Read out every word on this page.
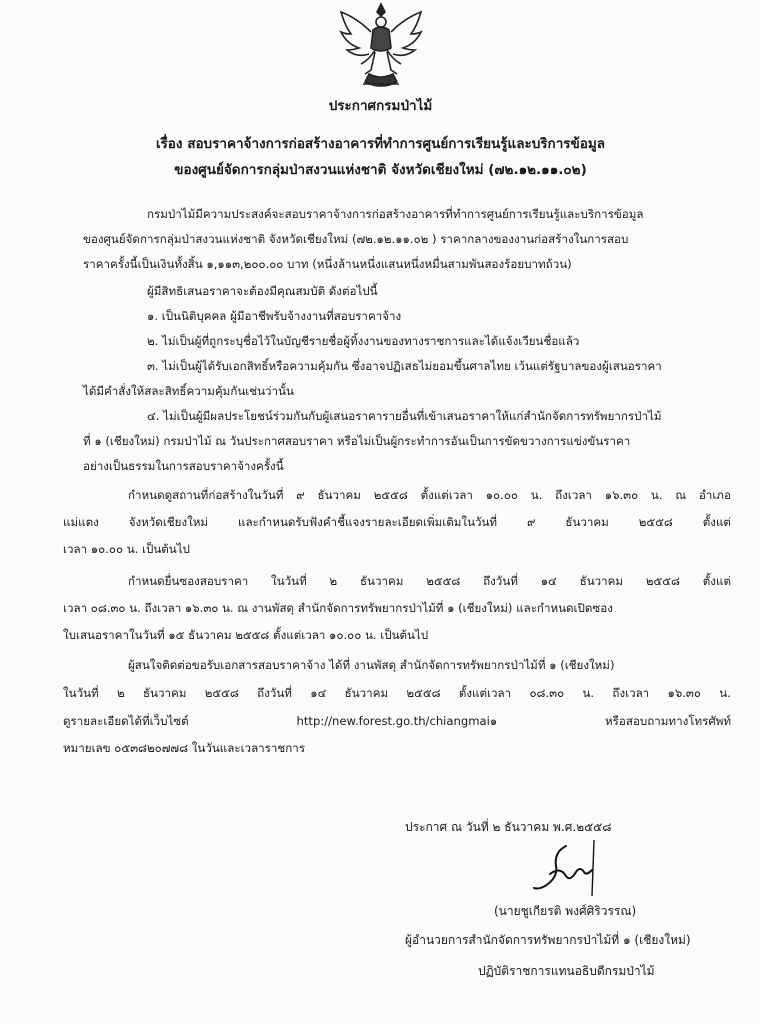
ประกาศกรมป่าไม้
เรื่อง สอบราคาจ้างการก่อสร้างอาคารที่ทำการศูนย์การเรียนรู้และบริการข้อมูล
ของศูนย์จัดการกลุ่มป่าสงวนแห่งชาติ จังหวัดเชียงใหม่ (๗๒.๑๒.๑๑.๐๒)
กรมป่าไม้มีความประสงค์จะสอบราคาจ้างการก่อสร้างอาคารที่ทำการศูนย์การเรียนรู้และบริการข้อมูล
ของศูนย์จัดการกลุ่มป่าสงวนแห่งชาติ จังหวัดเชียงใหม่ (๗๒.๑๒.๑๑.๐๒ ) ราคากลางของงานก่อสร้างในการสอบ
ราคาครั้งนี้เป็นเงินทั้งสิ้น ๑,๑๑๓,๒๐๐.๐๐ บาท (หนึ่งล้านหนึ่งแสนหนึ่งหมื่นสามพันสองร้อยบาทถ้วน)
ผู้มีสิทธิเสนอราคาจะต้องมีคุณสมบัติ ดังต่อไปนี้
๑. เป็นนิติบุคคล ผู้มีอาชีพรับจ้างงานที่สอบราคาจ้าง
๒. ไม่เป็นผู้ที่ถูกระบุชื่อไว้ในบัญชีรายชื่อผู้ทิ้งงานของทางราชการและได้แจ้งเวียนชื่อแล้ว
๓. ไม่เป็นผู้ได้รับเอกสิทธิ์หรือความคุ้มกัน ซึ่งอาจปฏิเสธไม่ยอมขึ้นศาลไทย เว้นแต่รัฐบาลของผู้เสนอราคา
ได้มีคำสั่งให้สละสิทธิ์ความคุ้มกันเช่นว่านั้น
๔. ไม่เป็นผู้มีผลประโยชน์ร่วมกันกับผู้เสนอราคารายอื่นที่เข้าเสนอราคาให้แก่สำนักจัดการทรัพยากรป่าไม้
ที่ ๑ (เชียงใหม่) กรมป่าไม้ ณ วันประกาศสอบราคา หรือไม่เป็นผู้กระทำการอันเป็นการขัดขวางการแข่งขันราคา
อย่างเป็นธรรมในการสอบราคาจ้างครั้งนี้
กำหนดดูสถานที่ก่อสร้างในวันที่ ๙ ธันวาคม ๒๕๕๘ ตั้งแต่เวลา ๑๐.๐๐ น. ถึงเวลา ๑๖.๓๐ น. ณ อำเภอ
แม่แตง	จังหวัดเชียงใหม่	และกำหนดรับฟังคำชี้แจงรายละเอียดเพิ่มเติมในวันที่	๙	ธันวาคม	๒๕๕๘	ตั้งแต่
เวลา ๑๐.๐๐ น. เป็นต้นไป
กำหนดยื่นซองสอบราคา ในวันที่ ๒ ธันวาคม ๒๕๕๘ ถึงวันที่ ๑๔ ธันวาคม ๒๕๕๘ ตั้งแต่
เวลา ๐๘.๓๐ น. ถึงเวลา ๑๖.๓๐ น. ณ งานพัสดุ สำนักจัดการทรัพยากรป่าไม้ที่ ๑ (เชียงใหม่) และกำหนดเปิดซอง
ใบเสนอราคาในวันที่ ๑๕ ธันวาคม ๒๕๕๘ ตั้งแต่เวลา ๑๐.๐๐ น. เป็นต้นไป
ผู้สนใจติดต่อขอรับเอกสารสอบราคาจ้าง ได้ที่ งานพัสดุ สำนักจัดการทรัพยากรป่าไม้ที่ ๑ (เชียงใหม่)
ในวันที่ ๒ ธันวาคม ๒๕๕๘ ถึงวันที่ ๑๔ ธันวาคม ๒๕๕๘ ตั้งแต่เวลา ๐๘.๓๐ น. ถึงเวลา ๑๖.๓๐ น.
ดูรายละเอียดได้ที่เว็บไซต์	http://new.forest.go.th/chiangmai๑	หรือสอบถามทางโทรศัพท์
หมายเลข ๐๕๓๘๒๐๗๗๘ ในวันและเวลาราชการ
ประกาศ ณ วันที่ ๒ ธันวาคม พ.ศ.๒๕๕๘
(นายชูเกียรติ พงศ์ศิริวรรณ)
ผู้อำนวยการสำนักจัดการทรัพยากรป่าไม้ที่ ๑ (เชียงใหม่)
ปฏิบัติราชการแทนอธิบดีกรมป่าไม้
